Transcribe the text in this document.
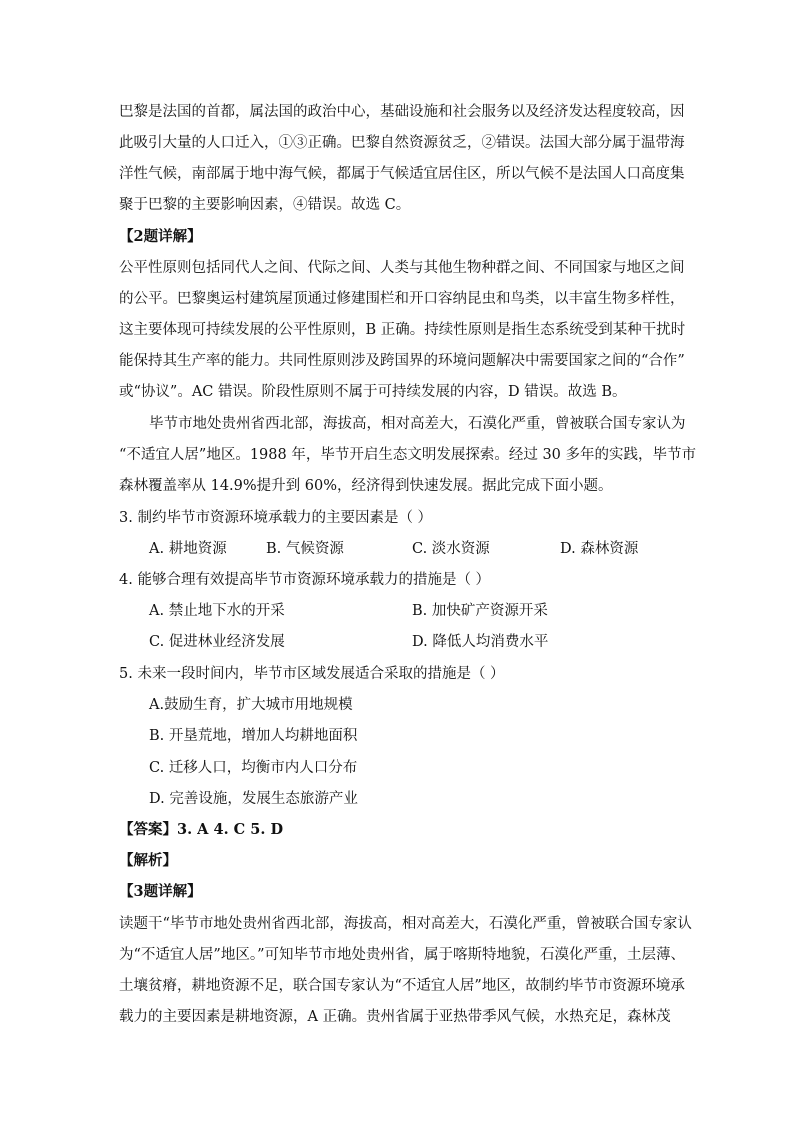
巴黎是法国的首都，属法国的政治中心，基础设施和社会服务以及经济发达程度较高，因
此吸引大量的人口迁入，①③正确。巴黎自然资源贫乏，②错误。法国大部分属于温带海
洋性气候，南部属于地中海气候，都属于气候适宜居住区，所以气候不是法国人口高度集
聚于巴黎的主要影响因素，④错误。故选 C。
【2题详解】
公平性原则包括同代人之间、代际之间、人类与其他生物种群之间、不同国家与地区之间
的公平。巴黎奥运村建筑屋顶通过修建围栏和开口容纳昆虫和鸟类，以丰富生物多样性，
这主要体现可持续发展的公平性原则，B 正确。持续性原则是指生态系统受到某种干扰时
能保持其生产率的能力。共同性原则涉及跨国界的环境问题解决中需要国家之间的“合作”
或“协议”。AC 错误。阶段性原则不属于可持续发展的内容，D 错误。故选 B。
毕节市地处贵州省西北部，海拔高，相对高差大，石漠化严重，曾被联合国专家认为
“不适宜人居”地区。1988 年，毕节开启生态文明发展探索。经过 30 多年的实践，毕节市
森林覆盖率从 14.9%提升到 60%，经济得到快速发展。据此完成下面小题。
3. 制约毕节市资源环境承载力的主要因素是（ ）
A. 耕地资源	B. 气候资源	C. 淡水资源	D. 森林资源
4. 能够合理有效提高毕节市资源环境承载力的措施是（ ）
A. 禁止地下水的开采	B. 加快矿产资源开采
C. 促进林业经济发展	D. 降低人均消费水平
5. 未来一段时间内，毕节市区域发展适合采取的措施是（ ）
A.鼓励生育，扩大城市用地规模
B. 开垦荒地，增加人均耕地面积
C. 迁移人口，均衡市内人口分布
D. 完善设施，发展生态旅游产业
【答案】3. A 4. C 5. D
【解析】
【3题详解】
读题干“毕节市地处贵州省西北部，海拔高，相对高差大，石漠化严重，曾被联合国专家认
为“不适宜人居”地区。”可知毕节市地处贵州省，属于喀斯特地貌，石漠化严重，土层薄、
土壤贫瘠，耕地资源不足，联合国专家认为“不适宜人居”地区，故制约毕节市资源环境承
载力的主要因素是耕地资源，A 正确。贵州省属于亚热带季风气候，水热充足，森林茂
